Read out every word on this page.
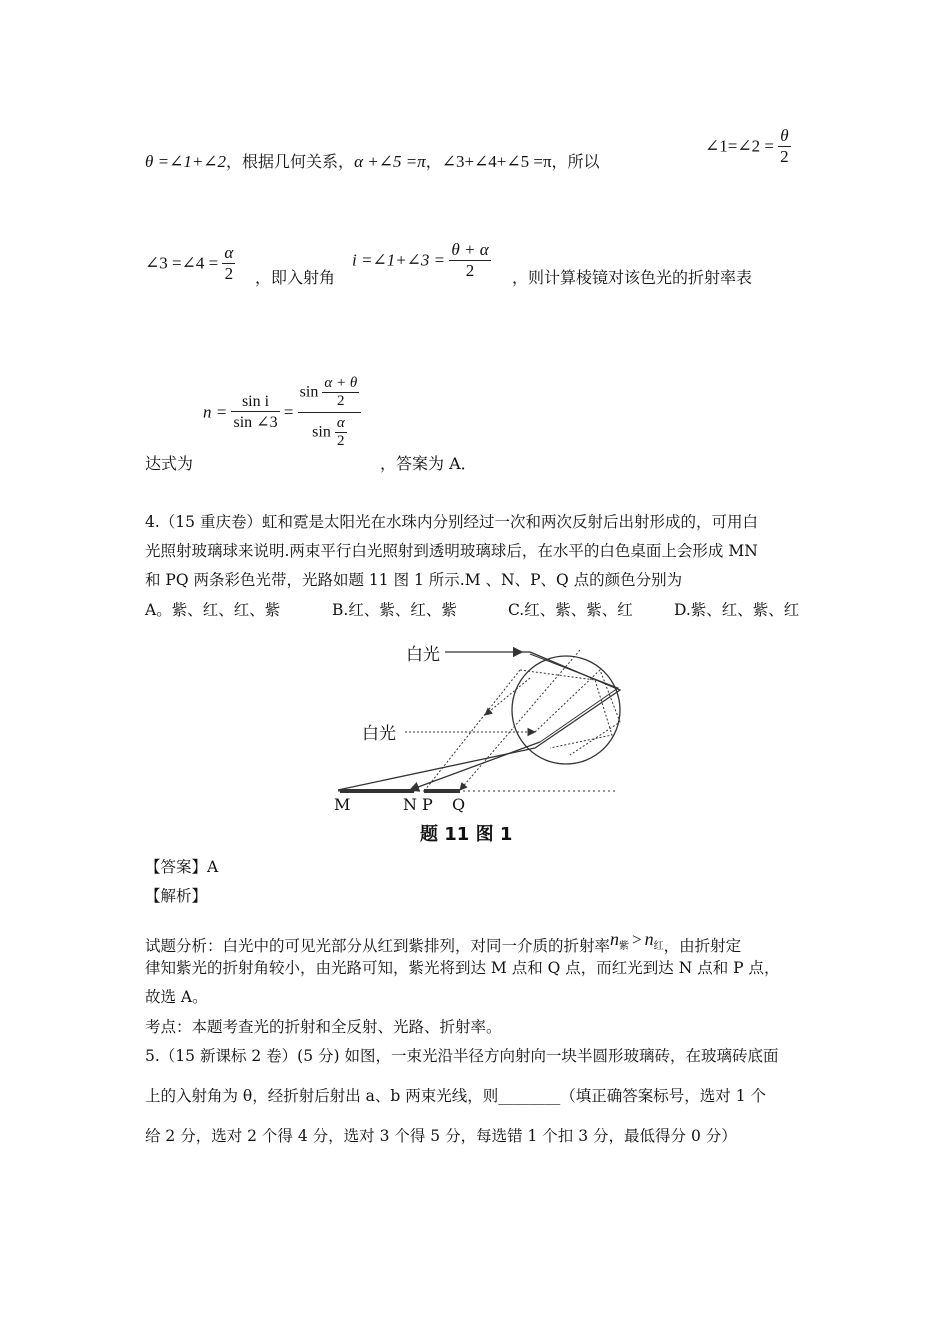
θ =∠1+∠2，根据几何关系，α +∠5 =π，∠3+∠4+∠5 =π，所以
∠1=∠2 = $\frac{\theta}{2}$
∠3 =∠4 = $\frac{\alpha}{2}$ ，即入射角
i =∠1+∠3 = $\frac{\theta + \alpha}{2}$ ，则计算棱镜对该色光的折射率表
达式为
$n = \frac{\text{sin i}}{\sin \angle 3} = \frac{\sin \frac{\alpha + \theta}{2}}{\sin \frac{\alpha}{2}}$
，答案为 A．
4.（15 重庆卷）虹和霓是太阳光在水珠内分别经过一次和两次反射后出射形成的，可用白
光照射玻璃球来说明.两束平行白光照射到透明玻璃球后，在水平的白色桌面上会形成 MN
和 PQ 两条彩色光带，光路如题 11 图 1 所示.M 、N、P、Q 点的颜色分别为
A。紫、红、红、紫	B.红、紫、红、紫	C.红、紫、紫、红	D.紫、红、紫、红
白光
白光
M	N P Q
题 11 图 1
【答案】A
【解析】
试题分析：白光中的可见光部分从红到紫排列，对同一介质的折射率$n^紫 > n^红$，由折射定
律知紫光的折射角较小，由光路可知，紫光将到达 M 点和 Q 点，而红光到达 N 点和 P 点，
故选 A。
考点：本题考查光的折射和全反射、光路、折射率。
5.（15 新课标 2 卷）(5 分) 如图，一束光沿半径方向射向一块半圆形玻璃砖，在玻璃砖底面
上的入射角为 θ，经折射后射出 a、b 两束光线，则________（填正确答案标号，选对 1 个
给 2 分，选对 2 个得 4 分，选对 3 个得 5 分，每选错 1 个扣 3 分，最低得分 0 分）
